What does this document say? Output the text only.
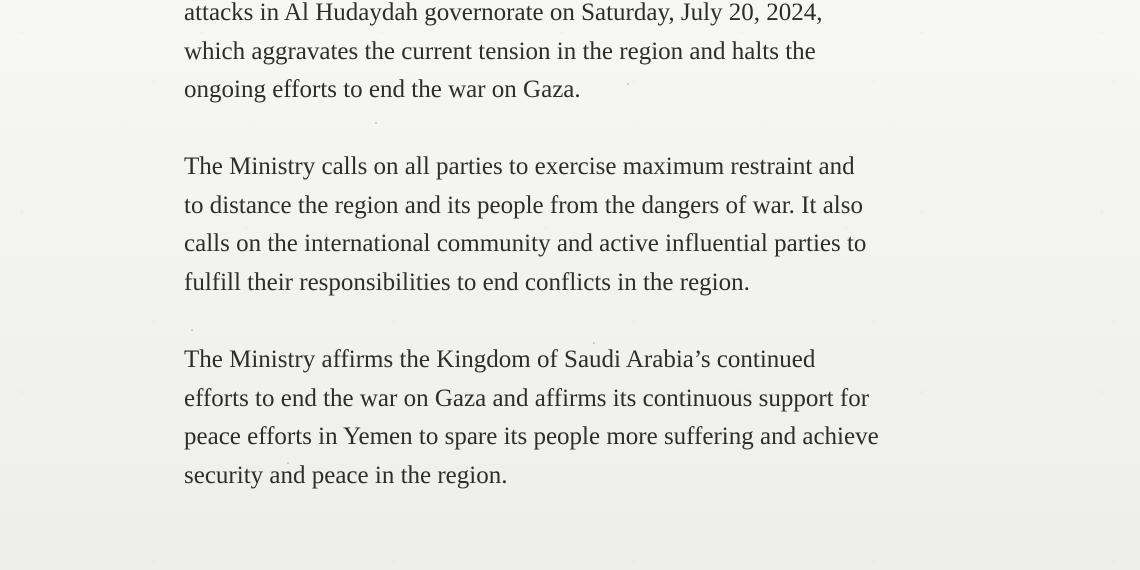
attacks in Al Hudaydah governorate on Saturday, July 20, 2024,
which aggravates the current tension in the region and halts the
ongoing efforts to end the war on Gaza.

The Ministry calls on all parties to exercise maximum restraint and
to distance the region and its people from the dangers of war. It also
calls on the international community and active influential parties to
fulfill their responsibilities to end conflicts in the region.

The Ministry affirms the Kingdom of Saudi Arabia’s continued
efforts to end the war on Gaza and affirms its continuous support for
peace efforts in Yemen to spare its people more suffering and achieve
security and peace in the region.
